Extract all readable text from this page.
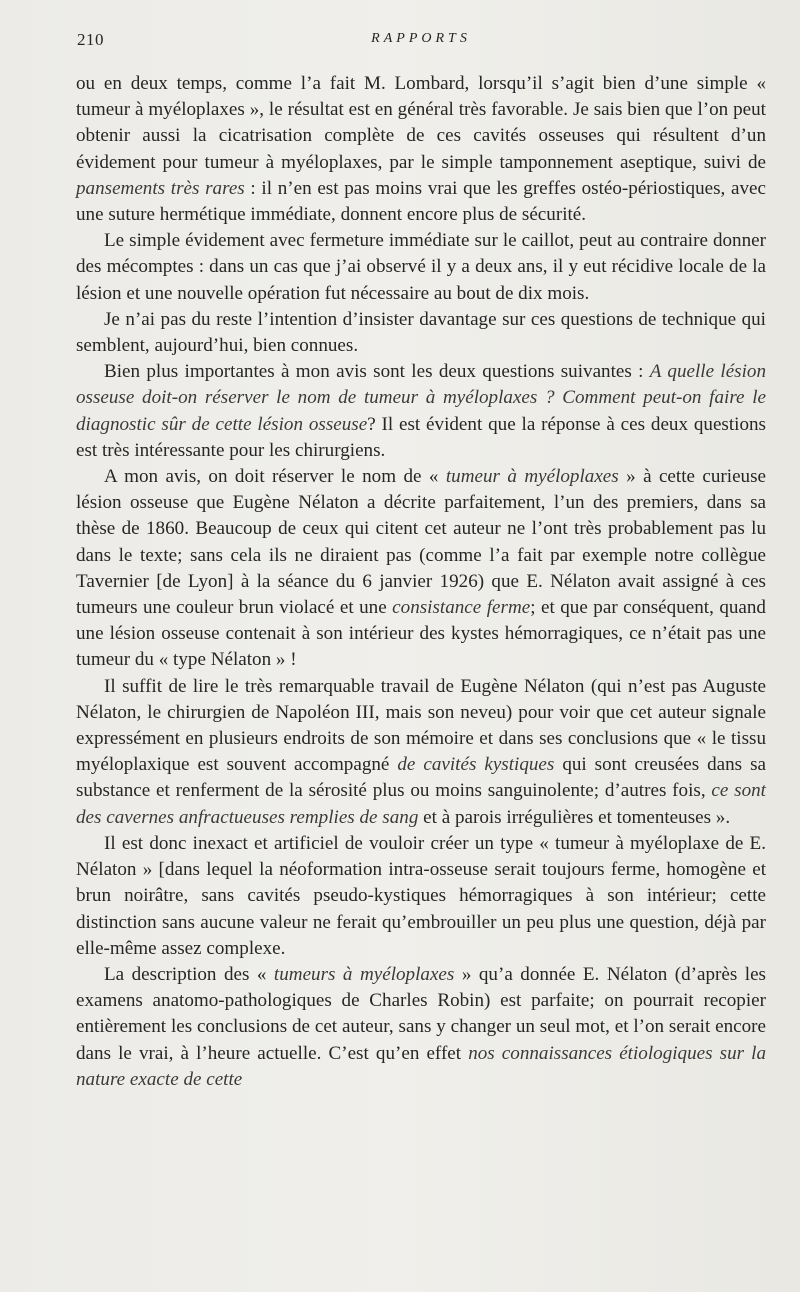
210	RAPPORTS

ou en deux temps, comme l’a fait M. Lombard, lorsqu’il s’agit bien d’une simple « tumeur à myéloplaxes », le résultat est en général très favorable. Je sais bien que l’on peut obtenir aussi la cicatrisation complète de ces cavités osseuses qui résultent d’un évidement pour tumeur à myéloplaxes, par le simple tamponnement aseptique, suivi de pansements très rares : il n’en est pas moins vrai que les greffes ostéo-périostiques, avec une suture hermétique immédiate, donnent encore plus de sécurité.

Le simple évidement avec fermeture immédiate sur le caillot, peut au contraire donner des mécomptes : dans un cas que j’ai observé il y a deux ans, il y eut récidive locale de la lésion et une nouvelle opération fut nécessaire au bout de dix mois.

Je n’ai pas du reste l’intention d’insister davantage sur ces questions de technique qui semblent, aujourd’hui, bien connues.

Bien plus importantes à mon avis sont les deux questions suivantes : A quelle lésion osseuse doit-on réserver le nom de tumeur à myéloplaxes ? Comment peut-on faire le diagnostic sûr de cette lésion osseuse? Il est évident que la réponse à ces deux questions est très intéressante pour les chirurgiens.

A mon avis, on doit réserver le nom de « tumeur à myéloplaxes » à cette curieuse lésion osseuse que Eugène Nélaton a décrite parfaitement, l’un des premiers, dans sa thèse de 1860. Beaucoup de ceux qui citent cet auteur ne l’ont très probablement pas lu dans le texte; sans cela ils ne diraient pas (comme l’a fait par exemple notre collègue Tavernier [de Lyon] à la séance du 6 janvier 1926) que E. Nélaton avait assigné à ces tumeurs une couleur brun violacé et une consistance ferme; et que par conséquent, quand une lésion osseuse contenait à son intérieur des kystes hémorragiques, ce n’était pas une tumeur du « type Nélaton » !

Il suffit de lire le très remarquable travail de Eugène Nélaton (qui n’est pas Auguste Nélaton, le chirurgien de Napoléon III, mais son neveu) pour voir que cet auteur signale expressément en plusieurs endroits de son mémoire et dans ses conclusions que « le tissu myéloplaxique est souvent accompagné de cavités kystiques qui sont creusées dans sa substance et renferment de la sérosité plus ou moins sanguinolente; d’autres fois, ce sont des cavernes anfractueuses remplies de sang et à parois irrégulières et tomenteuses ».

Il est donc inexact et artificiel de vouloir créer un type « tumeur à myéloplaxe de E. Nélaton » [dans lequel la néoformation intra-osseuse serait toujours ferme, homogène et brun noirâtre, sans cavités pseudo-kystiques hémorragiques à son intérieur; cette distinction sans aucune valeur ne ferait qu’embrouiller un peu plus une question, déjà par elle-même assez complexe.

La description des « tumeurs à myéloplaxes » qu’a donnée E. Nélaton (d’après les examens anatomo-pathologiques de Charles Robin) est parfaite; on pourrait recopier entièrement les conclusions de cet auteur, sans y changer un seul mot, et l’on serait encore dans le vrai, à l’heure actuelle. C’est qu’en effet nos connaissances étiologiques sur la nature exacte de cette
